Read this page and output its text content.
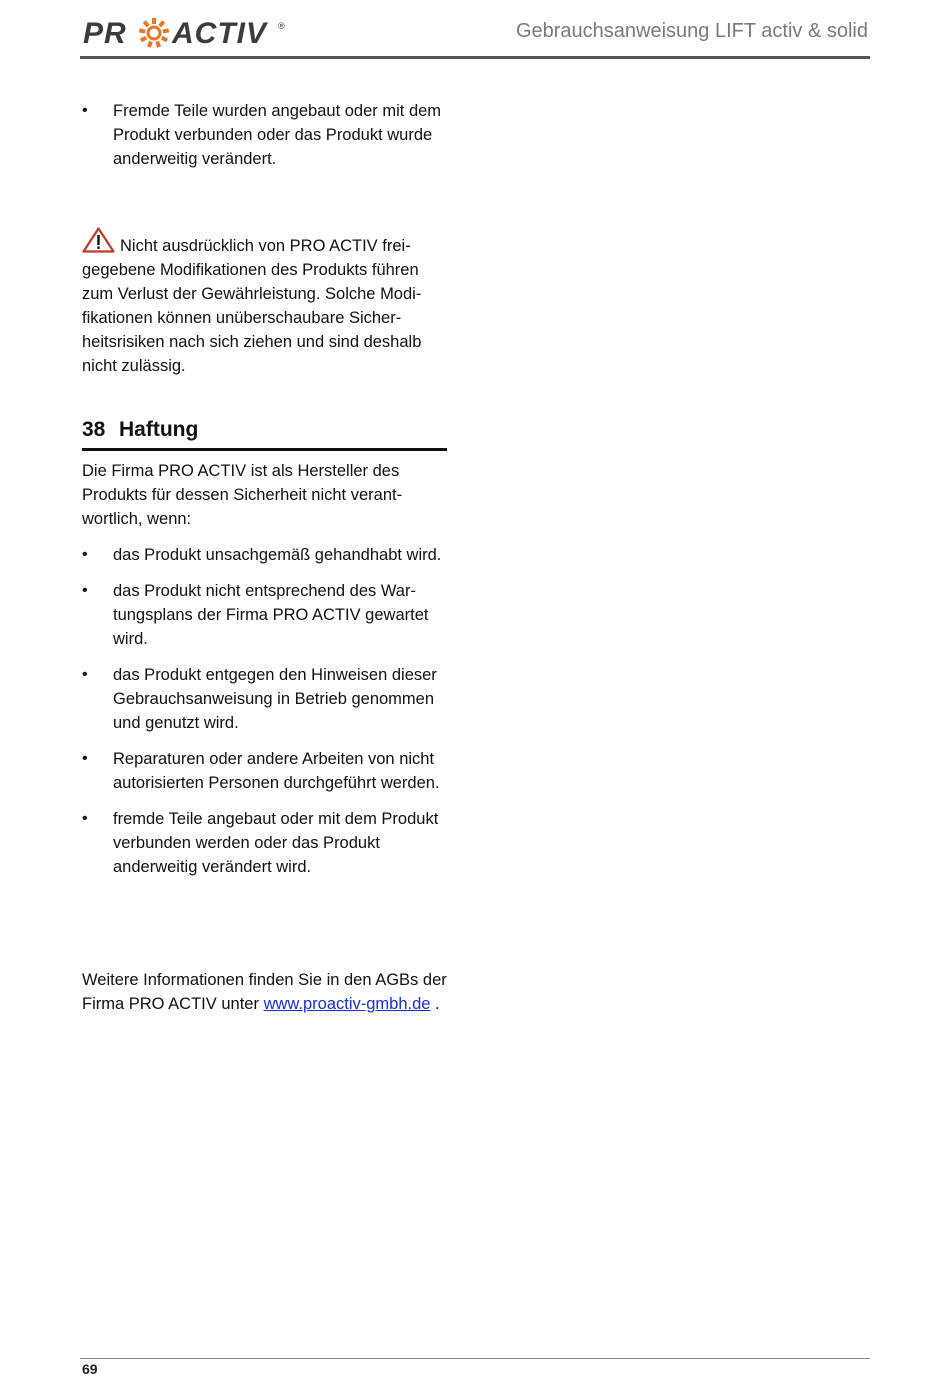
PR ACTIV ®	Gebrauchsanweisung LIFT activ & solid
• Fremde Teile wurden angebaut oder mit dem Produkt verbunden oder das Produkt wurde anderweitig verändert.

Nicht ausdrücklich von PRO ACTIV freigegebene Modifikationen des Produkts führen zum Verlust der Gewährleistung. Solche Modifikationen können unüberschaubare Sicherheitsrisiken nach sich ziehen und sind deshalb nicht zulässig.

38 Haftung

Die Firma PRO ACTIV ist als Hersteller des Produkts für dessen Sicherheit nicht verantwortlich, wenn:

• das Produkt unsachgemäß gehandhabt wird.
• das Produkt nicht entsprechend des Wartungsplans der Firma PRO ACTIV gewartet wird.
• das Produkt entgegen den Hinweisen dieser Gebrauchsanweisung in Betrieb genommen und genutzt wird.
• Reparaturen oder andere Arbeiten von nicht autorisierten Personen durchgeführt werden.
• fremde Teile angebaut oder mit dem Produkt verbunden werden oder das Produkt anderweitig verändert wird.

Weitere Informationen finden Sie in den AGBs der Firma PRO ACTIV unter www.proactiv-gmbh.de .

69
